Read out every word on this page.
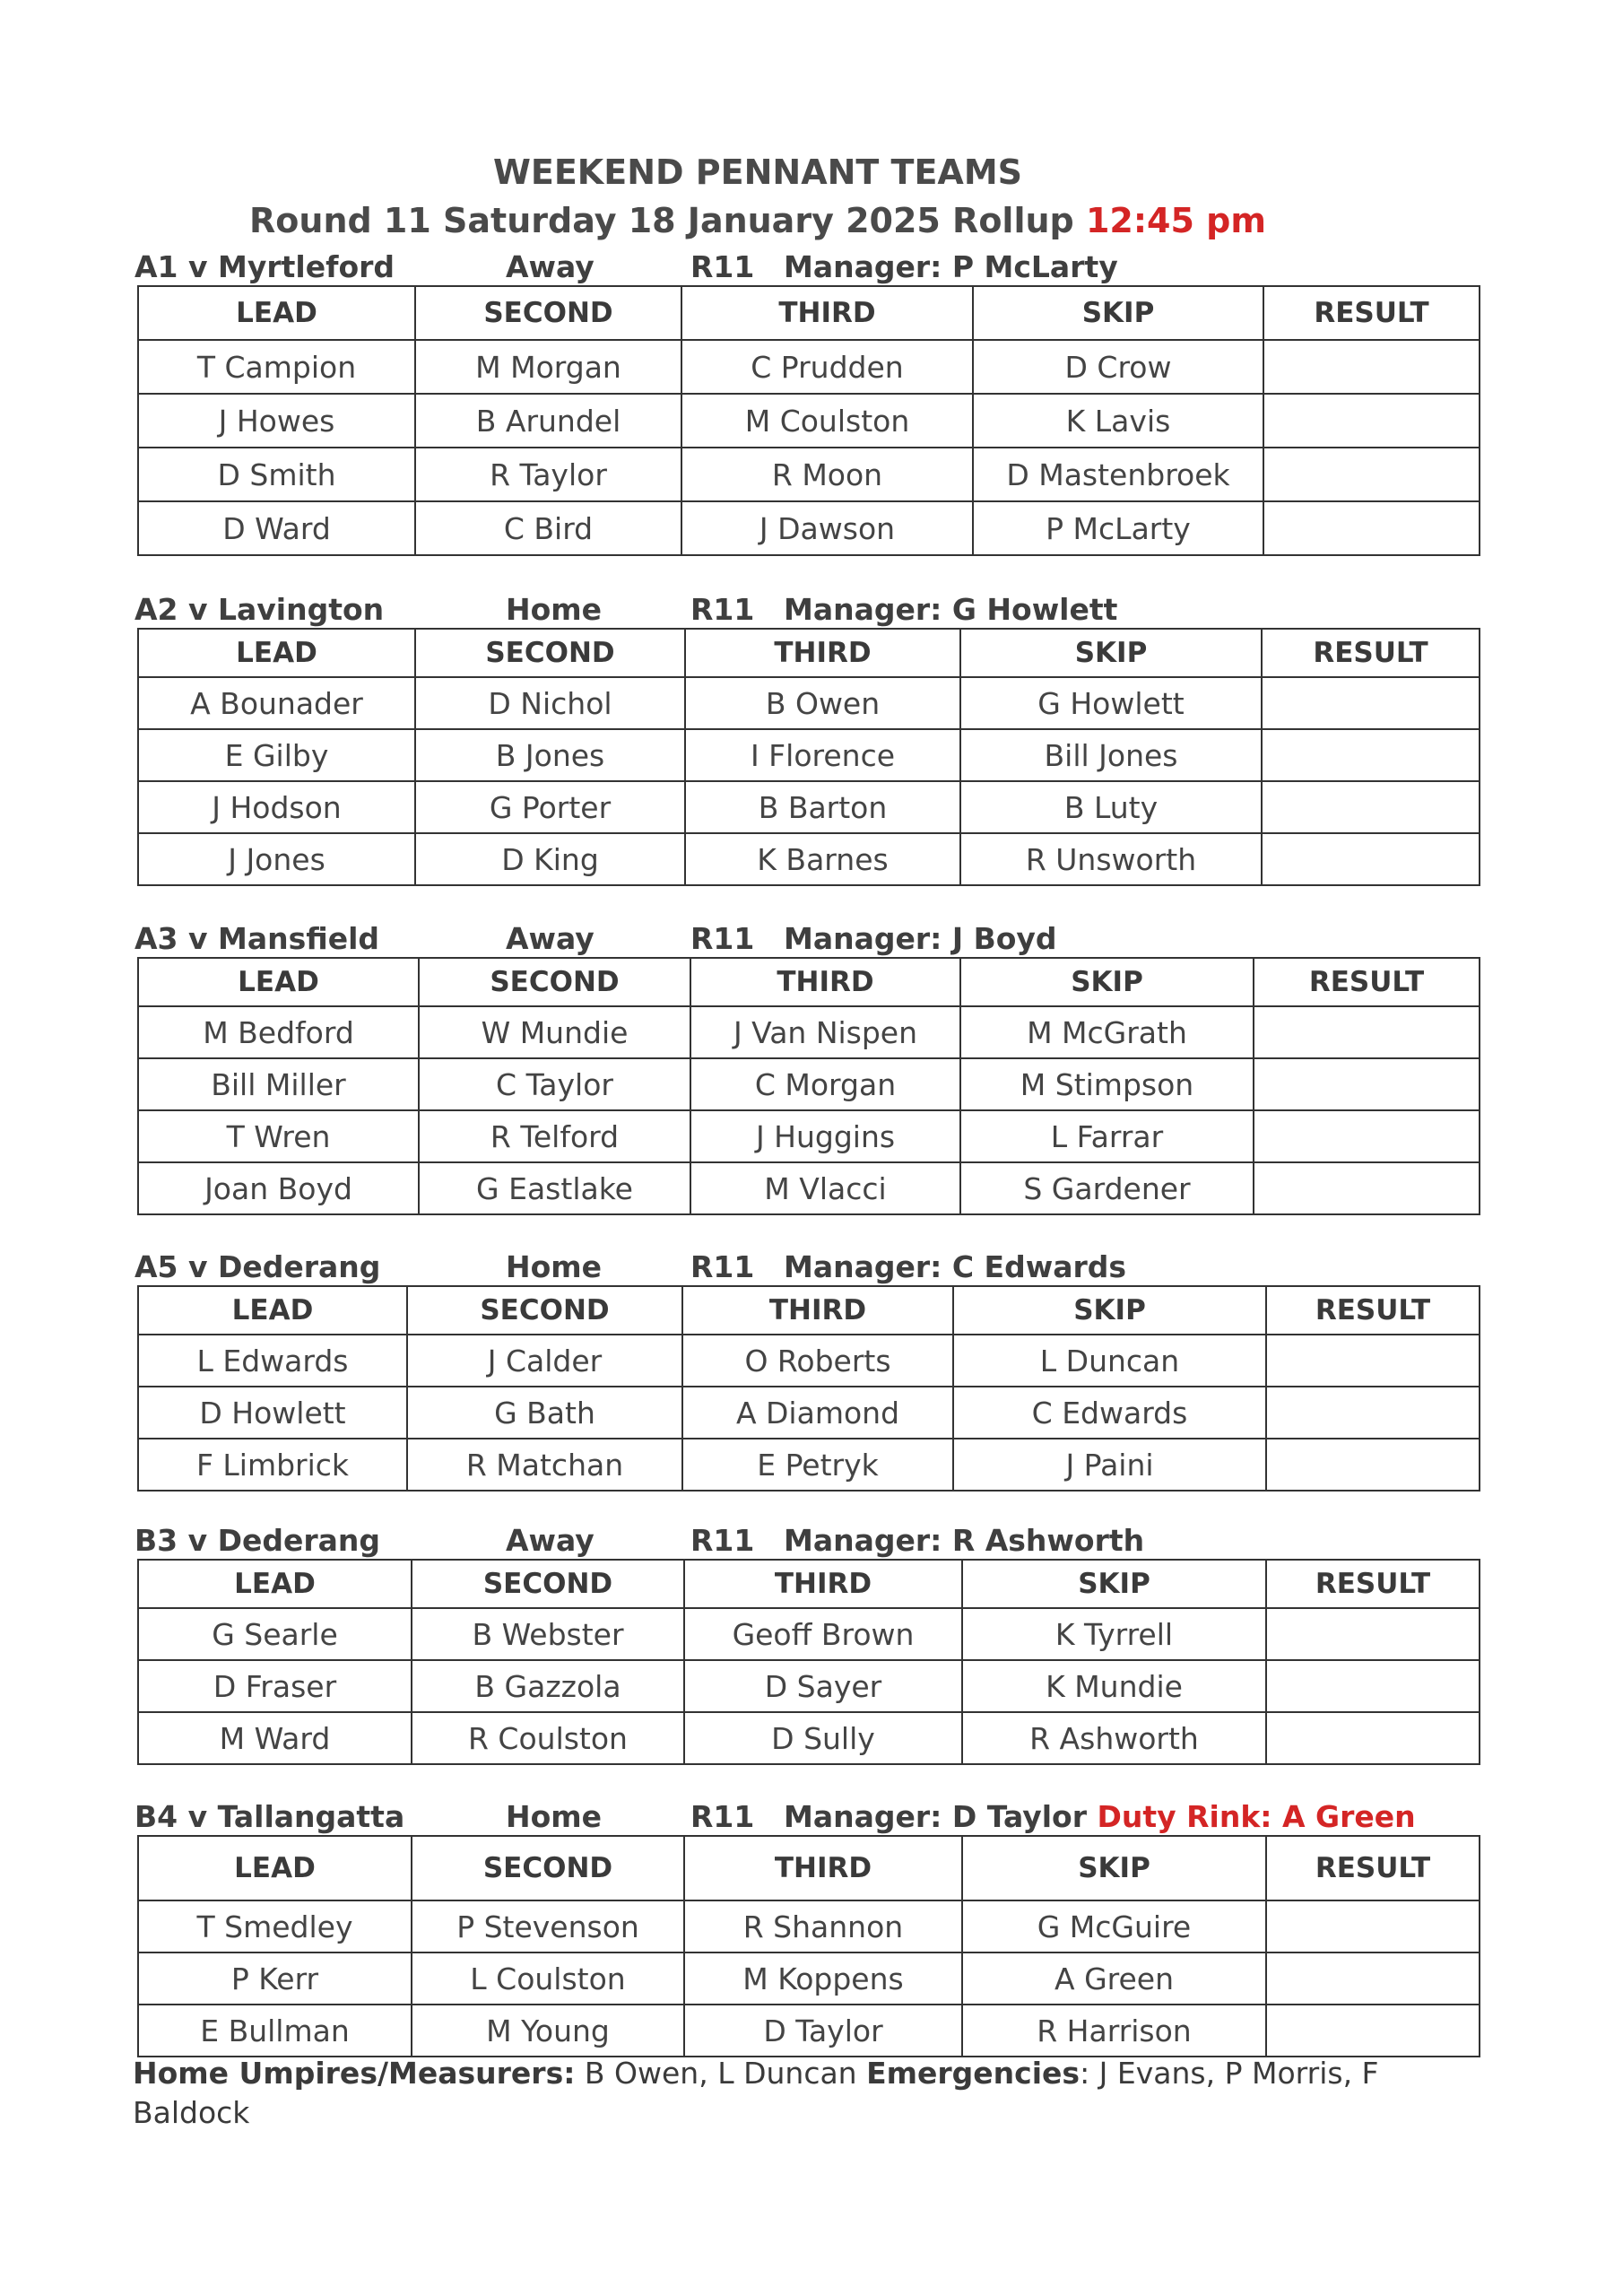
WEEKEND PENNANT TEAMS
Round 11 Saturday 18 January 2025 Rollup 12:45 pm
A1 v Myrtleford	Away	R11 Manager: P McLarty
LEAD	SECOND	THIRD	SKIP	RESULT
T Campion	M Morgan	C Prudden	D Crow	
J Howes	B Arundel	M Coulston	K Lavis	
D Smith	R Taylor	R Moon	D Mastenbroek	
D Ward	C Bird	J Dawson	P McLarty	
A2 v Lavington	Home	R11 Manager: G Howlett
LEAD	SECOND	THIRD	SKIP	RESULT
A Bounader	D Nichol	B Owen	G Howlett	
E Gilby	B Jones	I Florence	Bill Jones	
J Hodson	G Porter	B Barton	B Luty	
J Jones	D King	K Barnes	R Unsworth	
A3 v Mansfield	Away	R11 Manager: J Boyd
LEAD	SECOND	THIRD	SKIP	RESULT
M Bedford	W Mundie	J Van Nispen	M McGrath	
Bill Miller	C Taylor	C Morgan	M Stimpson	
T Wren	R Telford	J Huggins	L Farrar	
Joan Boyd	G Eastlake	M Vlacci	S Gardener	
A5 v Dederang	Home	R11 Manager: C Edwards
LEAD	SECOND	THIRD	SKIP	RESULT
L Edwards	J Calder	O Roberts	L Duncan	
D Howlett	G Bath	A Diamond	C Edwards	
F Limbrick	R Matchan	E Petryk	J Paini	
B3 v Dederang	Away	R11 Manager: R Ashworth
LEAD	SECOND	THIRD	SKIP	RESULT
G Searle	B Webster	Geoff Brown	K Tyrrell	
D Fraser	B Gazzola	D Sayer	K Mundie	
M Ward	R Coulston	D Sully	R Ashworth	
B4 v Tallangatta	Home	R11 Manager: D Taylor Duty Rink: A Green
LEAD	SECOND	THIRD	SKIP	RESULT
T Smedley	P Stevenson	R Shannon	G McGuire	
P Kerr	L Coulston	M Koppens	A Green	
E Bullman	M Young	D Taylor	R Harrison	
Home Umpires/Measurers: B Owen, L Duncan Emergencies: J Evans, P Morris, F Baldock
